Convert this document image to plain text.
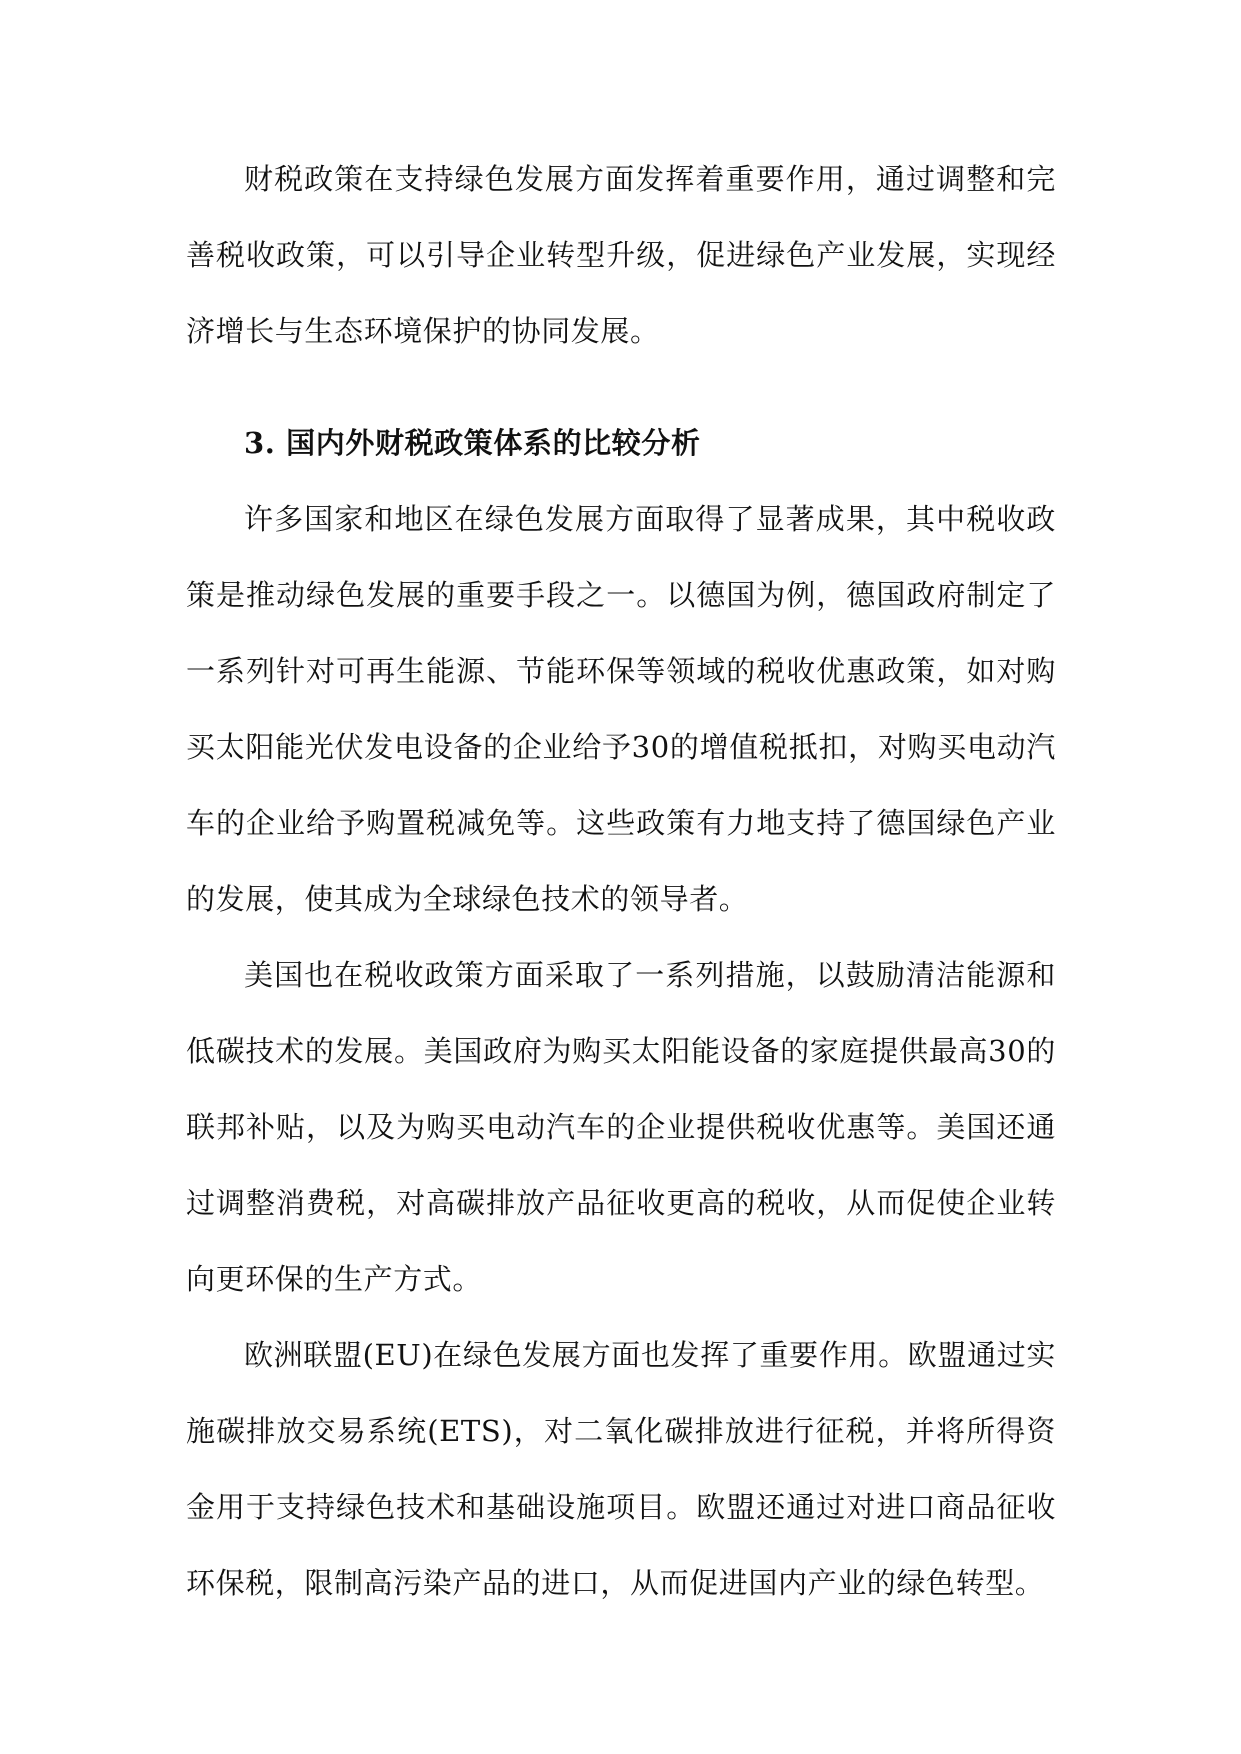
财税政策在支持绿色发展方面发挥着重要作用，通过调整和完善税收政策，可以引导企业转型升级，促进绿色产业发展，实现经济增长与生态环境保护的协同发展。

3. 国内外财税政策体系的比较分析

许多国家和地区在绿色发展方面取得了显著成果，其中税收政策是推动绿色发展的重要手段之一。以德国为例，德国政府制定了一系列针对可再生能源、节能环保等领域的税收优惠政策，如对购买太阳能光伏发电设备的企业给予30的增值税抵扣，对购买电动汽车的企业给予购置税减免等。这些政策有力地支持了德国绿色产业的发展，使其成为全球绿色技术的领导者。

美国也在税收政策方面采取了一系列措施，以鼓励清洁能源和低碳技术的发展。美国政府为购买太阳能设备的家庭提供最高30的联邦补贴，以及为购买电动汽车的企业提供税收优惠等。美国还通过调整消费税，对高碳排放产品征收更高的税收，从而促使企业转向更环保的生产方式。

欧洲联盟(EU)在绿色发展方面也发挥了重要作用。欧盟通过实施碳排放交易系统(ETS)，对二氧化碳排放进行征税，并将所得资金用于支持绿色技术和基础设施项目。欧盟还通过对进口商品征收环保税，限制高污染产品的进口，从而促进国内产业的绿色转型。
